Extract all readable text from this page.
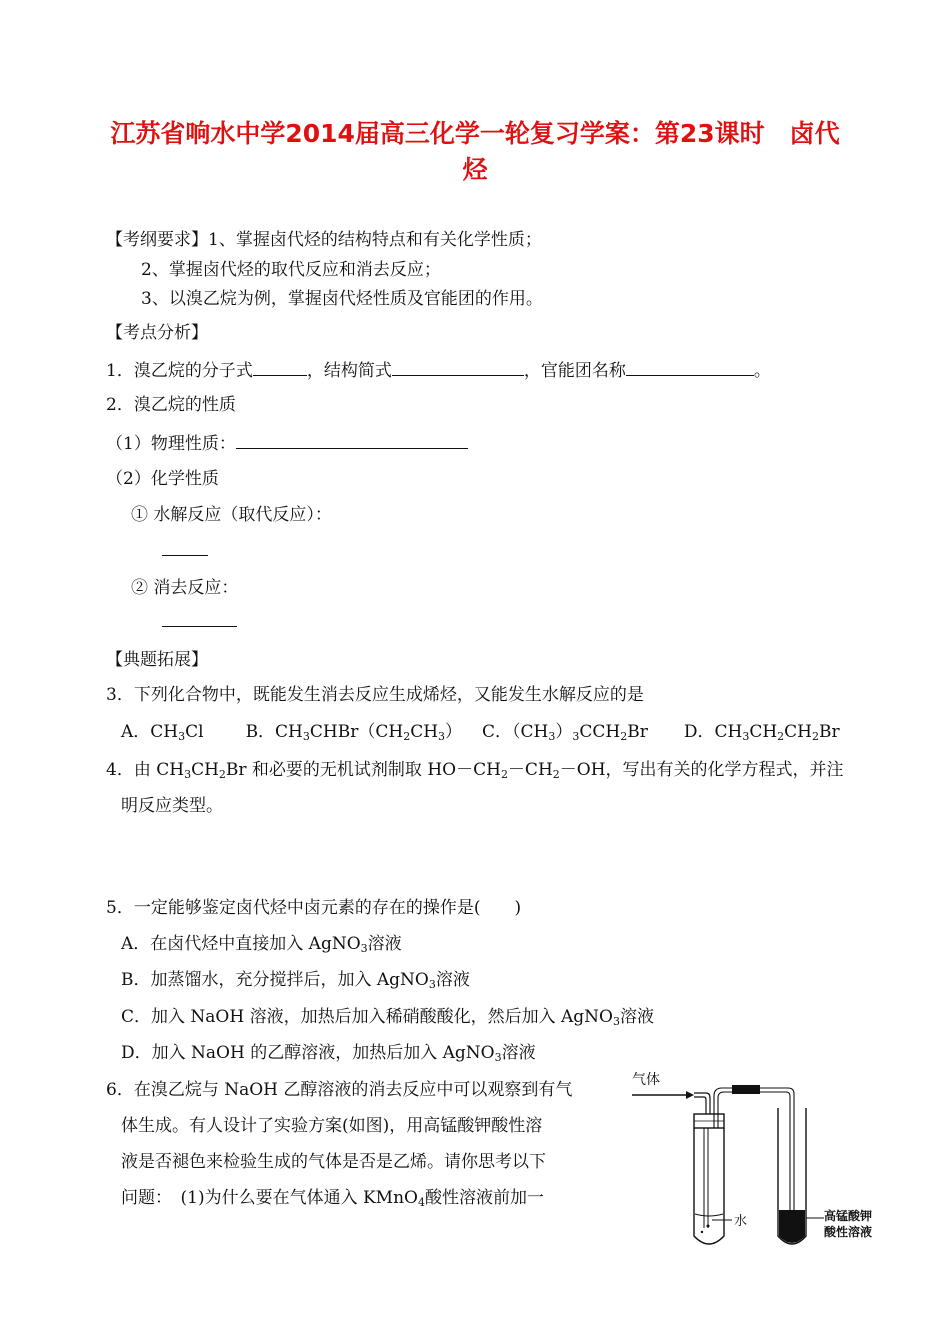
江苏省响水中学2014届高三化学一轮复习学案：第23课时　卤代
烃
【考纲要求】1、掌握卤代烃的结构特点和有关化学性质；
2、掌握卤代烃的取代反应和消去反应；
3、以溴乙烷为例，掌握卤代烃性质及官能团的作用。
【考点分析】
1．溴乙烷的分子式	，结构简式	，官能团名称	。
2．溴乙烷的性质
（1）物理性质：
（2）化学性质
① 水解反应（取代反应）：
② 消去反应：
【典题拓展】
3．下列化合物中，既能发生消去反应生成烯烃，又能发生水解反应的是
A．$CH_3Cl$ B．$CH_3CHBr(CH_2CH_3)$ C．$(CH_3)_3CCH_2Br$ D．$CH_3CH_2CH_2Br$
4．由 $CH_3CH_2Br$ 和必要的无机试剂制取 $HO-CH_2-CH_2-OH$，写出有关的化学方程式，并注
明反应类型。
5．一定能够鉴定卤代烃中卤元素的存在的操作是(　　)
A．在卤代烃中直接加入 AgNO$_3$溶液
B．加蒸馏水，充分搅拌后，加入 AgNO$_3$溶液
C．加入 NaOH 溶液，加热后加入稀硝酸酸化，然后加入 AgNO$_3$溶液
D．加入 NaOH 的乙醇溶液，加热后加入 AgNO$_3$溶液
6．在溴乙烷与 NaOH 乙醇溶液的消去反应中可以观察到有气
体生成。有人设计了实验方案(如图)，用高锰酸钾酸性溶
液是否褪色来检验生成的气体是否是乙烯。请你思考以下
问题：　(1)为什么要在气体通入 KMnO$_4$酸性溶液前加一
气体
水	高锰酸钾
酸性溶液
